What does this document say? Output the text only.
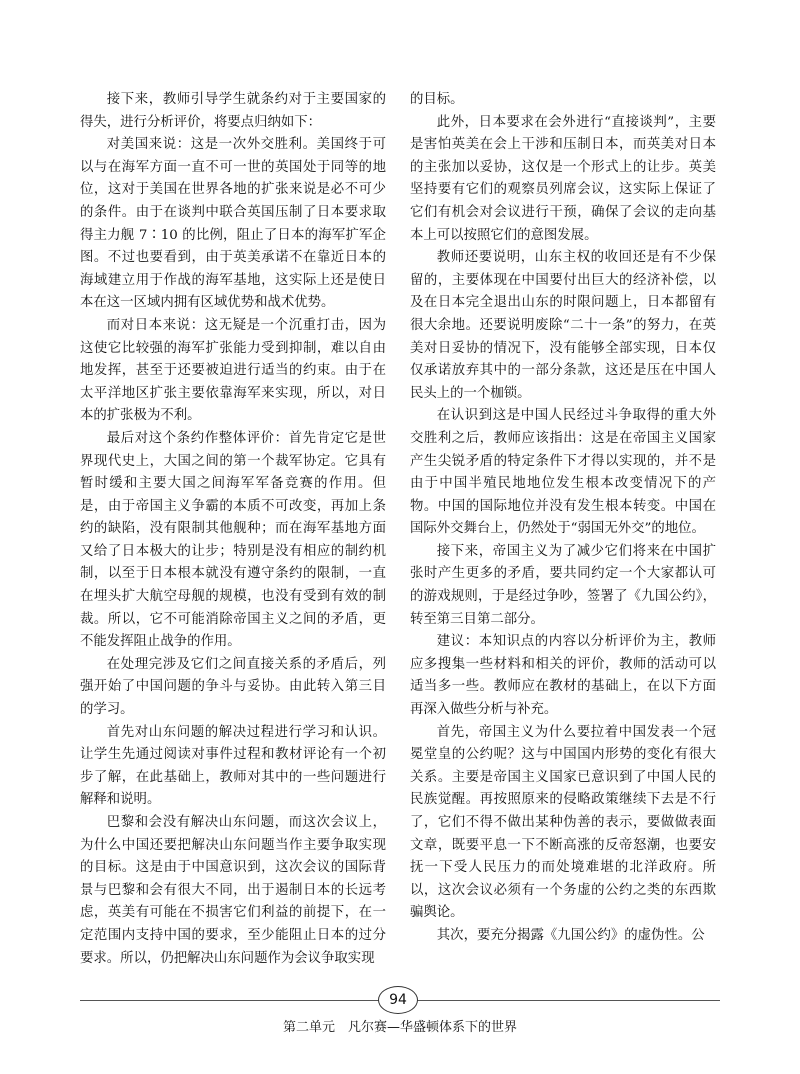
接下来，教师引导学生就条约对于主要国家的得失，进行分析评价，将要点归纳如下：

对美国来说：这是一次外交胜利。美国终于可以与在海军方面一直不可一世的英国处于同等的地位，这对于美国在世界各地的扩张来说是必不可少的条件。由于在谈判中联合英国压制了日本要求取得主力舰 7∶10 的比例，阻止了日本的海军扩军企图。不过也要看到，由于英美承诺不在靠近日本的海域建立用于作战的海军基地，这实际上还是使日本在这一区域内拥有区域优势和战术优势。

而对日本来说：这无疑是一个沉重打击，因为这使它比较强的海军扩张能力受到抑制，难以自由地发挥，甚至于还要被迫进行适当的约束。由于在太平洋地区扩张主要依靠海军来实现，所以，对日本的扩张极为不利。

最后对这个条约作整体评价：首先肯定它是世界现代史上，大国之间的第一个裁军协定。它具有暂时缓和主要大国之间海军军备竞赛的作用。但是，由于帝国主义争霸的本质不可改变，再加上条约的缺陷，没有限制其他舰种；而在海军基地方面又给了日本极大的让步；特别是没有相应的制约机制，以至于日本根本就没有遵守条约的限制，一直在埋头扩大航空母舰的规模，也没有受到有效的制裁。所以，它不可能消除帝国主义之间的矛盾，更不能发挥阻止战争的作用。

在处理完涉及它们之间直接关系的矛盾后，列强开始了中国问题的争斗与妥协。由此转入第三目的学习。

首先对山东问题的解决过程进行学习和认识。让学生先通过阅读对事件过程和教材评论有一个初步了解，在此基础上，教师对其中的一些问题进行解释和说明。

巴黎和会没有解决山东问题，而这次会议上，为什么中国还要把解决山东问题当作主要争取实现的目标。这是由于中国意识到，这次会议的国际背景与巴黎和会有很大不同，出于遏制日本的长远考虑，英美有可能在不损害它们利益的前提下，在一定范围内支持中国的要求，至少能阻止日本的过分要求。所以，仍把解决山东问题作为会议争取实现

的目标。

此外，日本要求在会外进行“直接谈判”，主要是害怕英美在会上干涉和压制日本，而英美对日本的主张加以妥协，这仅是一个形式上的让步。英美坚持要有它们的观察员列席会议，这实际上保证了它们有机会对会议进行干预，确保了会议的走向基本上可以按照它们的意图发展。

教师还要说明，山东主权的收回还是有不少保留的，主要体现在中国要付出巨大的经济补偿，以及在日本完全退出山东的时限问题上，日本都留有很大余地。还要说明废除“二十一条”的努力，在英美对日妥协的情况下，没有能够全部实现，日本仅仅承诺放弃其中的一部分条款，这还是压在中国人民头上的一个枷锁。

在认识到这是中国人民经过斗争取得的重大外交胜利之后，教师应该指出：这是在帝国主义国家产生尖锐矛盾的特定条件下才得以实现的，并不是由于中国半殖民地地位发生根本改变情况下的产物。中国的国际地位并没有发生根本转变。中国在国际外交舞台上，仍然处于“弱国无外交”的地位。

接下来，帝国主义为了减少它们将来在中国扩张时产生更多的矛盾，要共同约定一个大家都认可的游戏规则，于是经过争吵，签署了《九国公约》，转至第三目第二部分。

建议：本知识点的内容以分析评价为主，教师应多搜集一些材料和相关的评价，教师的活动可以适当多一些。教师应在教材的基础上，在以下方面再深入做些分析与补充。

首先，帝国主义为什么要拉着中国发表一个冠冕堂皇的公约呢？这与中国国内形势的变化有很大关系。主要是帝国主义国家已意识到了中国人民的民族觉醒。再按照原来的侵略政策继续下去是不行了，它们不得不做出某种伪善的表示，要做做表面文章，既要平息一下不断高涨的反帝怒潮，也要安抚一下受人民压力的而处境难堪的北洋政府。所以，这次会议必须有一个务虚的公约之类的东西欺骗舆论。

其次，要充分揭露《九国公约》的虚伪性。公

94
第二单元　凡尔赛—华盛顿体系下的世界
